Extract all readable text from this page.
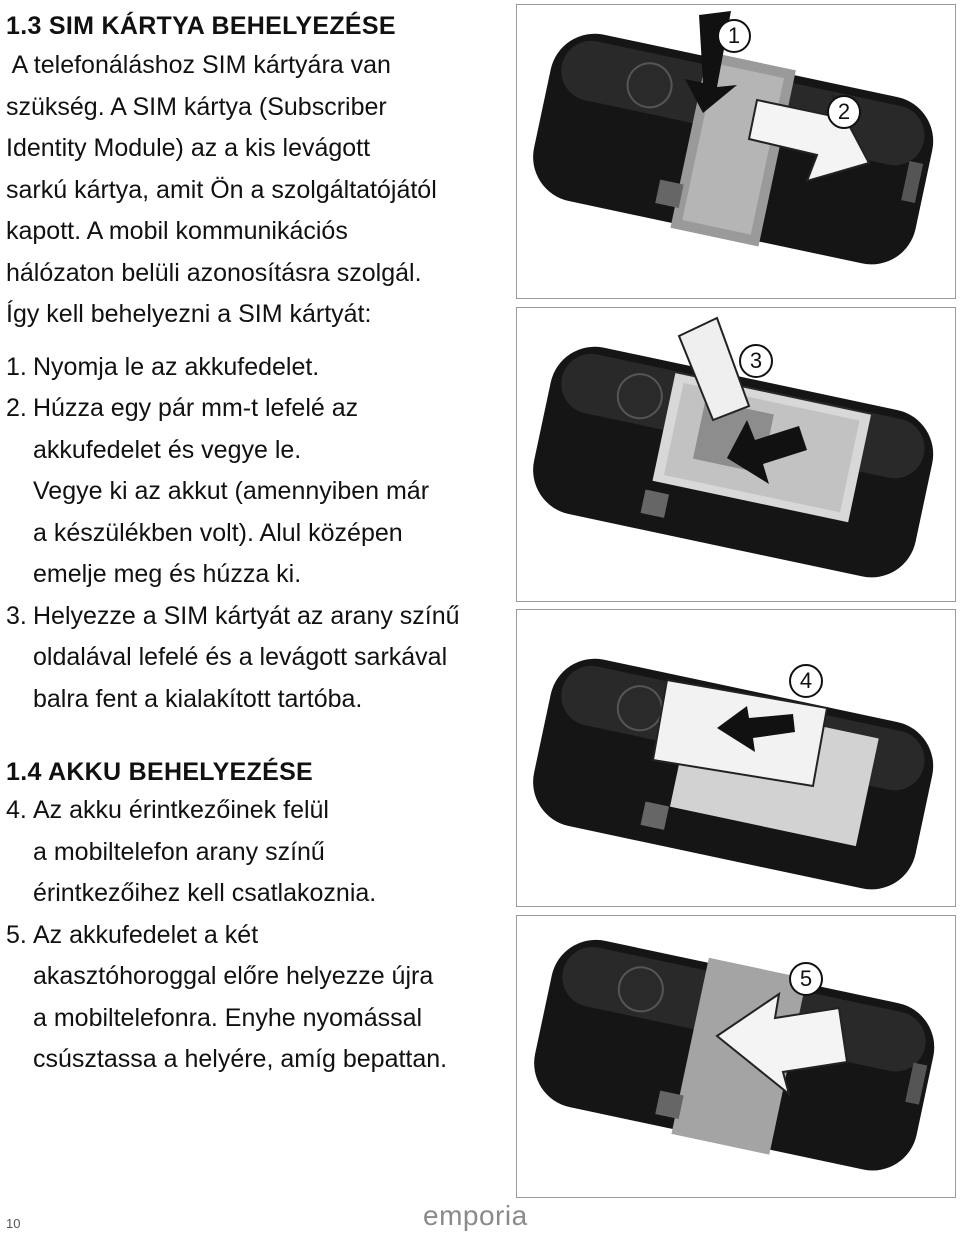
1.3 SIM KÁRTYA BEHELYEZÉSE

A telefonáláshoz SIM kártyára van

szükség. A SIM kártya (Subscriber

Identity Module) az a kis levágott

sarkú kártya, amit Ön a szolgáltatójától

kapott. A mobil kommunikációs

hálózaton belüli azonosításra szolgál.

Így kell behelyezni a SIM kártyát:

1. Nyomja le az akkufedelet.
2. Húzza egy pár mm-t lefelé az
akkufedelet és vegye le.
Vegye ki az akkut (amennyiben már
a készülékben volt). Alul középen
emelje meg és húzza ki.
3. Helyezze a SIM kártyát az arany színű
oldalával lefelé és a levágott sarkával
balra fent a kialakított tartóba.
1.4 AKKU BEHELYEZÉSE
4. Az akku érintkezőinek felül
a mobiltelefon arany színű
érintkezőihez kell csatlakoznia.
5. Az akkufedelet a két
akasztóhoroggal előre helyezze újra
a mobiltelefonra. Enyhe nyomással
csúsztassa a helyére, amíg bepattan.
1
2
3
4
5
10	emporia
